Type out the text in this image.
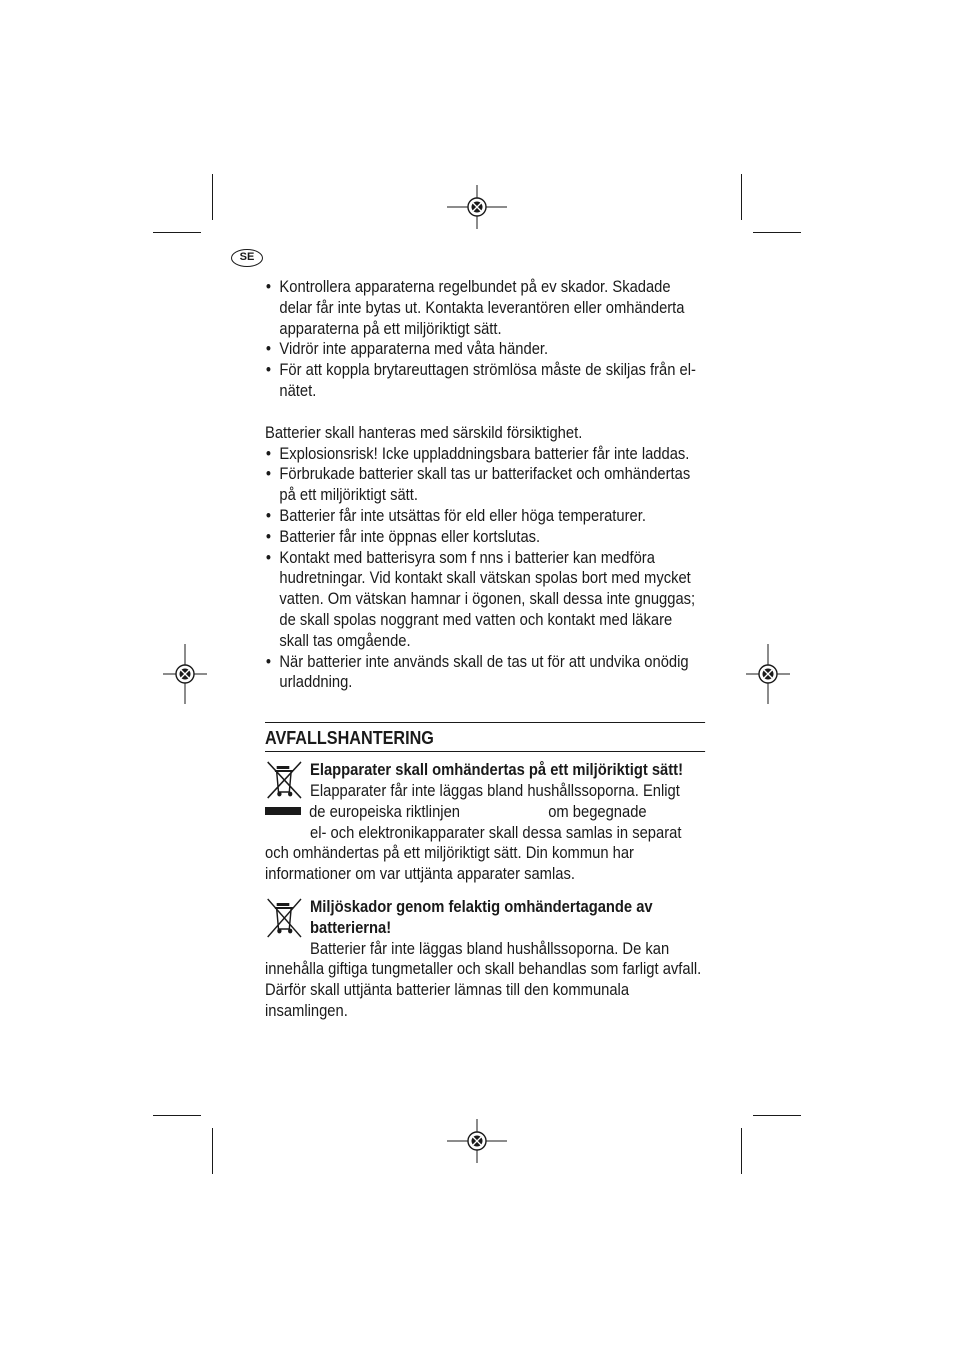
SE
• Kontrollera apparaterna regelbundet på ev skador. Skadade delar får inte bytas ut. Kontakta leverantören eller omhänderta apparaterna på ett miljöriktigt sätt.
• Vidrör inte apparaterna med våta händer.
• För att koppla brytareuttagen strömlösa måste de skiljas från el-nätet.

Batterier skall hanteras med särskild försiktighet.

• Explosionsrisk! Icke uppladdningsbara batterier får inte laddas.
• Förbrukade batterier skall tas ur batterifacket och omhändertas på ett miljöriktigt sätt.
• Batterier får inte utsättas för eld eller höga temperaturer.
• Batterier får inte öppnas eller kortslutas.
• Kontakt med batterisyra som f nns i batterier kan medföra hudretningar. Vid kontakt skall vätskan spolas bort med mycket vatten. Om vätskan hamnar i ögonen, skall dessa inte gnuggas; de skall spolas noggrant med vatten och kontakt med läkare skall tas omgående.
• När batterier inte används skall de tas ut för att undvika onödig urladdning.
AVFALLSHANTERING

Elapparater skall omhändertas på ett miljöriktigt sätt!

Elapparater får inte läggas bland hushållssoporna. Enligt

de europeiska riktlinjen	om begegnade

el- och elektronikapparater skall dessa samlas in separat

och omhändertas på ett miljöriktigt sätt. Din kommun har informationer om var uttjänta apparater samlas.

Miljöskador genom felaktig omhändertagande av batterierna!

Batterier får inte läggas bland hushållssoporna. De kan

innehålla giftiga tungmetaller och skall behandlas som farligt avfall. Därför skall uttjänta batterier lämnas till den kommunala insamlingen.
